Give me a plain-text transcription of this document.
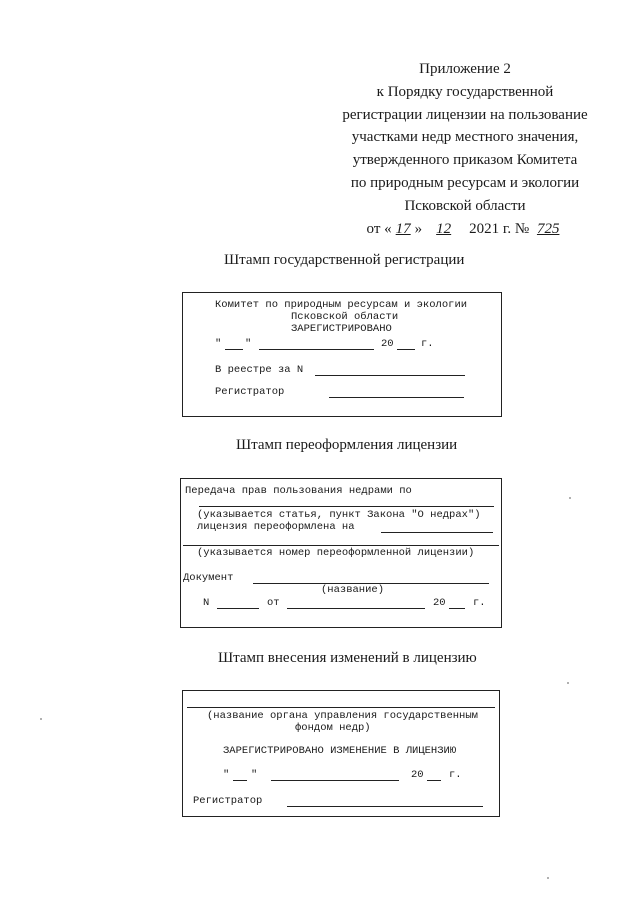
Приложение 2
к Порядку государственной
регистрации лицензии на пользование
участками недр местного значения,
утвержденного приказом Комитета
по природным ресурсам и экологии
Псковской области
от « 17 » 12 2021 г. № 725
Штамп государственной регистрации
Комитет по природным ресурсам и экологии
Псковской области
ЗАРЕГИСТРИРОВАНО
" "	20	г.
В реестре за N
Регистратор
Штамп переоформления лицензии
Передача прав пользования недрами по
(указывается статья, пункт Закона "О недрах")
лицензия переоформлена на
(указывается номер переоформленной лицензии)
Документ
(название)
N	от	20	г.
Штамп внесения изменений в лицензию
(название органа управления государственным
фондом недр)
ЗАРЕГИСТРИРОВАНО ИЗМЕНЕНИЕ В ЛИЦЕНЗИЮ
" "	20 г.
Регистратор
